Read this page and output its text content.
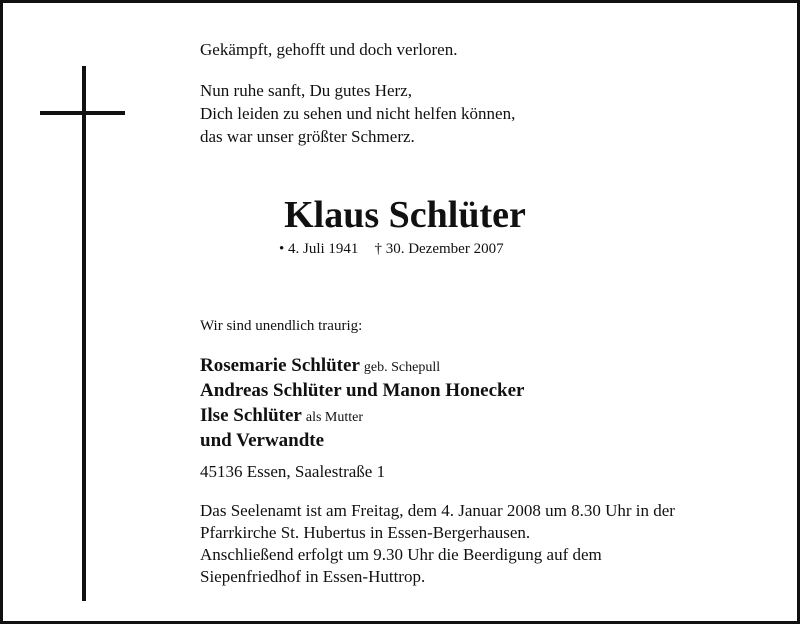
Gekämpft, gehofft und doch verloren.
Nun ruhe sanft, Du gutes Herz,
Dich leiden zu sehen und nicht helfen können,
das war unser größter Schmerz.
Klaus Schlüter
• 4. Juli 1941 † 30. Dezember 2007
Wir sind unendlich traurig:
Rosemarie Schlüter geb. Schepull
Andreas Schlüter und Manon Honecker
Ilse Schlüter als Mutter
und Verwandte
45136 Essen, Saalestraße 1
Das Seelenamt ist am Freitag, dem 4. Januar 2008 um 8.30 Uhr in der
Pfarrkirche St. Hubertus in Essen-Bergerhausen.
Anschließend erfolgt um 9.30 Uhr die Beerdigung auf dem
Siepenfriedhof in Essen-Huttrop.
